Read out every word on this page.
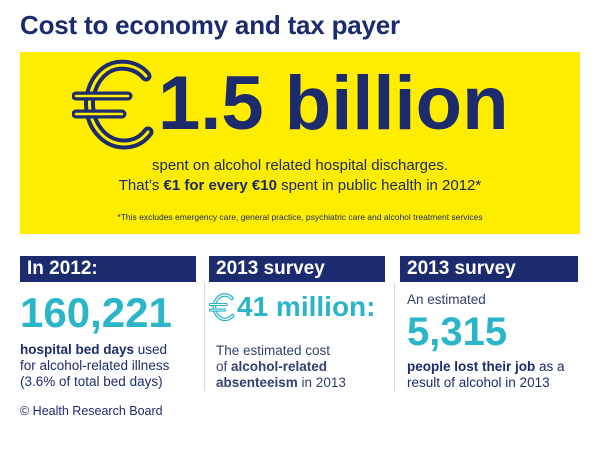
Cost to economy and tax payer
1.5 billion
spent on alcohol related hospital discharges.
That’s €1 for every €10 spent in public health in 2012*
*This excludes emergency care, general practice, psychiatric care and alcohol treatment services
In 2012:
160,221
hospital bed days used
for alcohol-related illness
(3.6% of total bed days)
2013 survey
41 million:
The estimated cost
of alcohol-related
absenteeism in 2013
2013 survey
An estimated
5,315
people lost their job as a
result of alcohol in 2013
© Health Research Board
